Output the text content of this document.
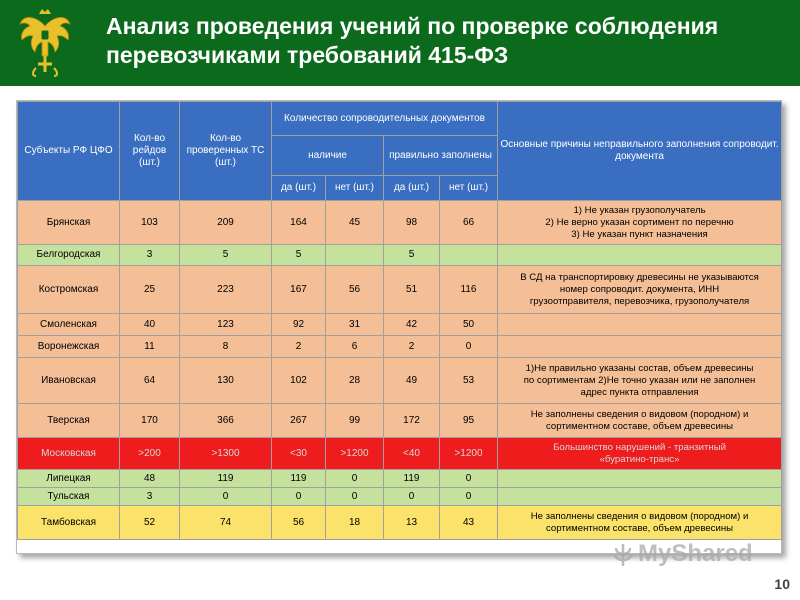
Анализ проведения учений по проверке соблюдения
перевозчиками требований 415-ФЗ
Субъекты РФ ЦФО	Кол-во рейдов (шт.)	Кол-во проверенных ТС (шт.)	Количество сопроводительных документов				Основные причины неправильного заполнения сопроводит. документа
			наличие		правильно заполнены		
			да (шт.)	нет (шт.)	да (шт.)	нет (шт.)	
Брянская	103	209	164	45	98	66	1) Не указан грузополучатель
2) Не верно указан сортимент по перечню
3) Не указан пункт назначения

Белгородская	3	5	5		5		
Костромская	25	223	167	56	51	116	В СД на транспортировку древесины не указываются
номер сопроводит. документа, ИНН
грузоотправителя, перевозчика, грузополучателя

Смоленская	40	123	92	31	42	50	
Воронежская	11	8	2	6	2	0	
Ивановская	64	130	102	28	49	53	1)Не правильно указаны состав, объем древесины
по сортиментам 2)Не точно указан или не заполнен
адрес пункта отправления

Тверская	170	366	267	99	172	95	Не заполнены сведения о видовом (породном) и
сортиментном составе, объем древесины

Московская	>200	>1300	<30	>1200	<40	>1200	Большинство нарушений - транзитный
«буратино-транс»

Липецкая	48	119	119	0	119	0	
Тульская	3	0	0	0	0	0	
Тамбовская	52	74	56	18	13	43	Не заполнены сведения о видовом (породном) и
сортиментном составе, объем древесины
MyShared
10
